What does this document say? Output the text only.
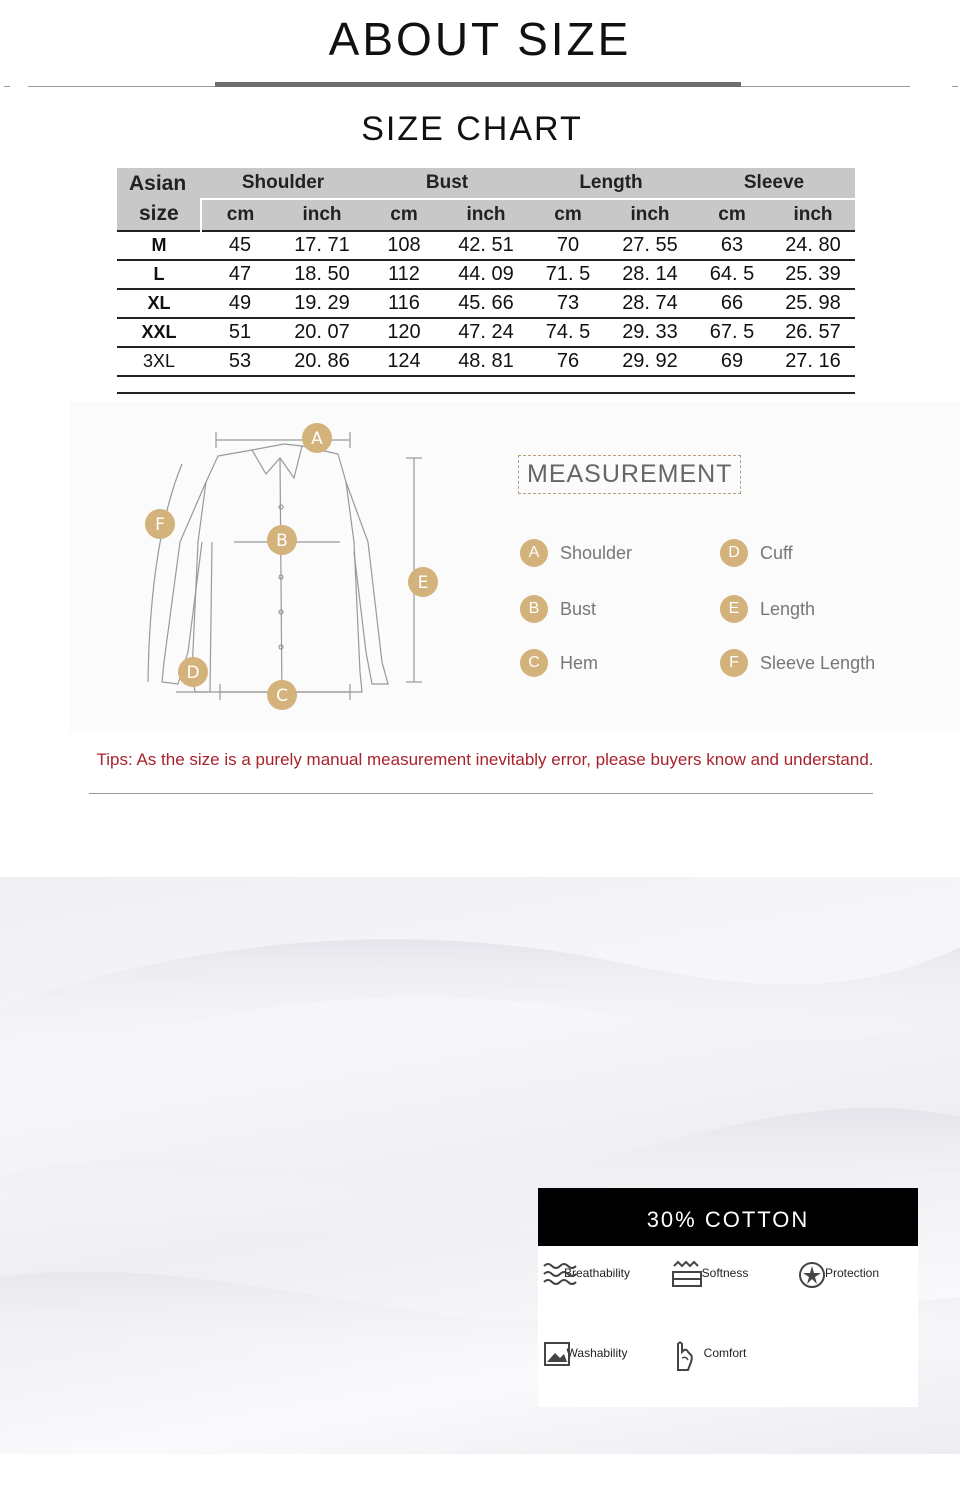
ABOUT SIZE
SIZE CHART
Asian
size	Shoulder		Bust		Length		Sleeve	
	cm	inch	cm	inch	cm	inch	cm	inch
M	45	17. 71	108	42. 51	70	27. 55	63	24. 80
L	47	18. 50	112	44. 09	71. 5	28. 14	64. 5	25. 39
XL	49	19. 29	116	45. 66	73	28. 74	66	25. 98
XXL	51	20. 07	120	47. 24	74. 5	29. 33	67. 5	26. 57
3XL	53	20. 86	124	48. 81	76	29. 92	69	27. 16
A
B
C
D
E
F
MEASUREMENT
A	Shoulder
B	Bust
C	Hem
D	Cuff
E	Length
F	Sleeve Length
Tips: As the size is a purely manual measurement inevitably error, please buyers know and understand.
30% COTTON
Breathability	Softness	Protection
Washability	Comfort
